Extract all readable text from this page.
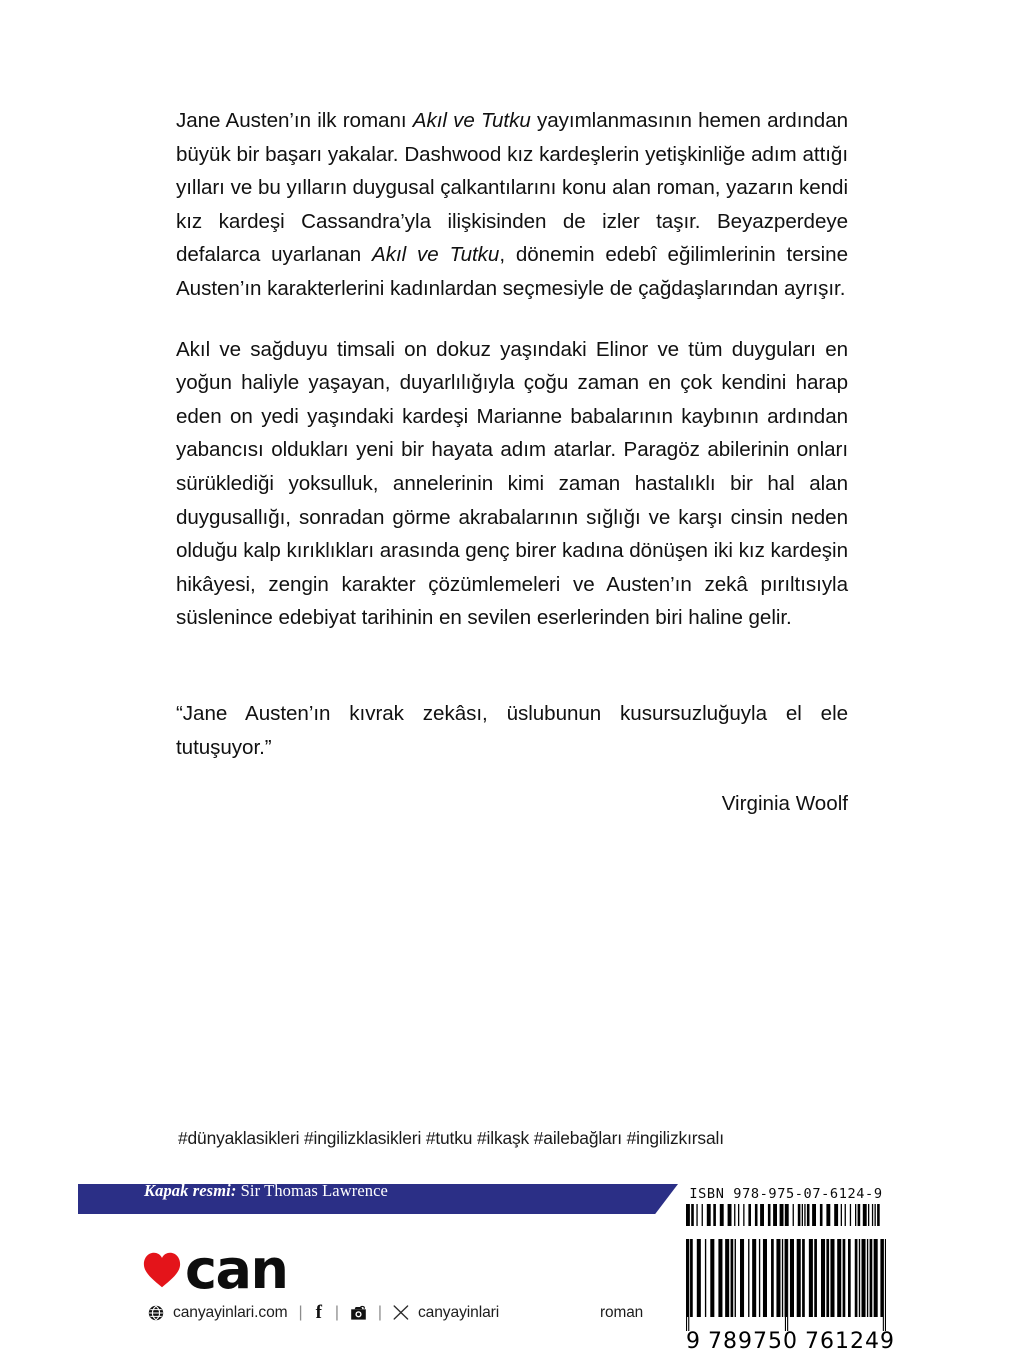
Jane Austen’ın ilk romanı Akıl ve Tutku yayımlanmasının hemen ardından büyük bir başarı yakalar. Dashwood kız kardeşlerin yetişkinliğe adım attığı yılları ve bu yılların duygusal çalkantılarını konu alan roman, yazarın kendi kız kardeşi Cassandra’yla ilişkisinden de izler taşır. Beyazperdeye defalarca uyarlanan Akıl ve Tutku, dönemin edebî eğilimlerinin tersine Austen’ın karakterlerini kadınlardan seçmesiyle de çağdaşlarından ayrışır.

Akıl ve sağduyu timsali on dokuz yaşındaki Elinor ve tüm duyguları en yoğun haliyle yaşayan, duyarlılığıyla çoğu zaman en çok kendini harap eden on yedi yaşındaki kardeşi Marianne babalarının kaybının ardından yabancısı oldukları yeni bir hayata adım atarlar. Paragöz abilerinin onları sürüklediği yoksulluk, annelerinin kimi zaman hastalıklı bir hal alan duygusallığı, sonradan görme akrabalarının sığlığı ve karşı cinsin neden olduğu kalp kırıklıkları arasında genç birer kadına dönüşen iki kız kardeşin hikâyesi, zengin karakter çözümlemeleri ve Austen’ın zekâ pırıltısıyla süslenince edebiyat tarihinin en sevilen eserlerinden biri haline gelir.

“Jane Austen’ın kıvrak zekâsı, üslubunun kusursuzluğuyla el ele tutuşuyor.”

Virginia Woolf

#dünyaklasikleri #ingilizklasikleri #tutku #ilkaşk #ailebağları #ingilizkırsalı
Kapak resmi: Sir Thomas Lawrence
can
canyayinlari.com | f | | canyayinlari	roman
ISBN 978-975-07-6124-9
9 789750 761249
